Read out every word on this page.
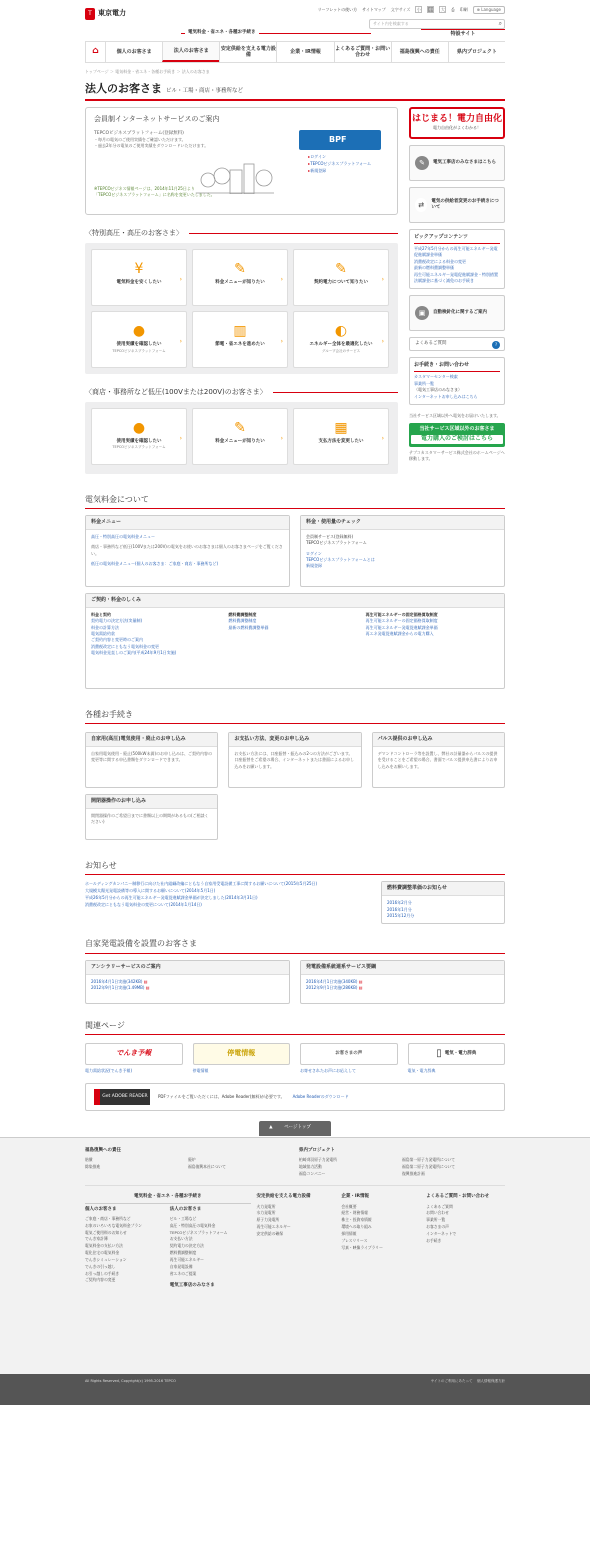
T 東京電力	リーフレットの使い方 サイトマップ 文字サイズ	小	中	大	⎙ 印刷	⊕ Language
サイト内を検索する	⌕
電気料金・省エネ・各種お手続き	特設サイト
⌂	個人のお客さま	法人のお客さま	安定供給を支える電力設備
企業・IR情報
よくあるご質問・お問い合わせ
福島復興への責任	県内プロジェクト
トップページ ＞ 電気料金・省エネ・各種お手続き ＞ 法人のお客さま
法人のお客さま ビル・工場・商店・事務所など
会員制インターネットサービスのご案内
TEPCOビジネスプラットフォーム(登録無料)
・毎月の電気のご使用実績をご確認いただけます。
・過去2年分の電気のご使用実績をダウンロードいただけます。
※TEPCOビジネス情報ページは、2014年11月25日より
「TEPCOビジネスプラットフォーム」に名称を変更いたしました。
BPF
▸ログイン
▸TEPCOビジネスプラットフォーム
▸新規登録
〈特別高圧・高圧のお客さま〉
¥
電気料金を安くしたい	›
✎
料金メニューが知りたい	›
✎
契約電力について知りたい	›
●
使用実績を確認したい
TEPCOビジネスプラットフォーム
›
▥
節電・省エネを進めたい	›
◐
エネルギー全体を最適化したい
グループ会社のサービス
›
〈商店・事務所など低圧(100Vまたは200V)のお客さま〉
●
使用実績を確認したい
TEPCOビジネスプラットフォーム
›
✎
料金メニューが知りたい	›
▦
支払方法を変更したい	›
はじまる！電力自由化
電力自由化がよくわかる！
✎	電気工事店のみなさまはこちら
⇄	電気の供給者変更のお手続きについて
ピックアップコンテンツ
平成27年5月分からの再生可能エネルギー発電促進賦課金単価
消費税改定による料金の変更
最新の燃料費調整単価
再生可能エネルギー発電促進賦課金・特別措置法賦課金に基づく減免のお手続き
▣	自動検針化に関するご案内
よくあるご質問	?
お手続き・お問い合わせ
カスタマーセンター検索
事業所一覧
〈電気工事店のみなさま〉
インターネットお申し込みはこちら
当社サービス区域以外へ電気をお届けいたします。
当社サービス区域以外のお客さま
電力購入のご検討はこちら
テプコカスタマーサービス株式会社のホームページへ移動します。
電気料金について
料金メニュー
高圧・特別高圧の電気料金メニュー
商店・事務所など低圧(100Vまたは200V)の電気をお使いのお客さまは個人のお客さまページをご覧ください。
低圧の電気料金メニュー(個人のお客さま：ご家庭・商店・事務所など)
料金・使用量のチェック
会員制サービス(登録無料)
TEPCOビジネスプラットフォーム
ログイン
TEPCOビジネスプラットフォームとは
新規登録
ご契約・料金のしくみ
料金と契約
契約電力の決定方法(実量制)
料金の計算方法
電気需給約款
ご契約内容と変更時のご案内
消費税改定にともなう電気料金の変更
電気料金見直しのご案内(平成24年9月1日実施)
燃料費調整制度
燃料費調整制度
最新の燃料費調整単価
再生可能エネルギーの固定価格買取制度
再生可能エネルギーの固定価格買取制度
再生可能エネルギー発電促進賦課金単価
再エネ発電促進賦課金からの電力購入
各種お手続き
自家用(高圧)電気使用・廃止のお申し込み
自家用電気使用・廃止(500kW未満)のお申し込みは、ご契約内容の変更等に関する申込書類をダウンロードできます。
お支払い方法、変更のお申し込み
お支払い方法には、口座振替・振込みの2つの方法がございます。口座振替をご希望の場合、インターネットまたは書面によるお申し込みをお願いします。
パルス提供のお申し込み
デマンドコントローラ等を設置し、弊社の計量器からパルスの提供を受けることをご希望の場合、書面でパルス提供申込書によりお申し込みをお願いします。
開閉器操作のお申し込み
開閉器操作のご希望日までに書類以上の期間があるもの(ご相談ください)
お知らせ
ホールディングカンパニー制移行に向けた社内組織改編にともなう自家用受電設備工事に関するお願いについて(2015年5月25日)
大規模太陽光発電設備等の導入に関するお願いについて(2014年5月1日)
平成26年5月分からの再生可能エネルギー発電促進賦課金単価が決定しました(2014年3月31日)
消費税改定にともなう電気料金の変更について(2014年1月14日)
燃料費調整単価のお知らせ
2016年2月分
2016年1月分
2015年12月分
自家発電設備を設置のお客さま
アンシラリーサービスのご案内
2016年4月1日実施(342KB) ▤
2012年9月1日実施(1.49MB) ▤
発電設備系統連系サービス要綱
2016年4月1日実施(340KB) ▤
2012年9月1日実施(286KB) ▤
関連ページ
でんき予報
電力需給状況(でんき予報)
停電情報
停電情報
お客さまの声
お寄せされたお声にお応えして
▯ 電気・電力辞典
電気・電力辞典
Get ADOBE READER	PDFファイルをご覧いただくには、Adobe Reader(無料)が必要です。 Adobe Readerのダウンロード
▲ ページトップ
福島復興への責任
賠償	廃炉
除染推進	福島復興本社について
県内プロジェクト
柏崎刈羽原子力発電所	福島第一原子力発電所について
地域協力活動	福島第二原子力発電所について
福島コンパニー	復興推進計画
電気料金・省エネ・各種お手続き
個人のお客さま
ご家庭・商店・事務所など
お家のいろいろな電気料金プラン
電気ご使用料のお知らせ
でんき家計簿
電気料金の支払い方法
電化住宅の電気料金
でんきシミュレーション
でんきの引っ越し
お引っ越しの手続き
ご契約内容の変更
法人のお客さま
ビル・工場など
高圧・特別高圧の電気料金
TEPCOビジネスプラットフォーム
お支払い方法
契約電力の決定方法
燃料費調整制度
再生可能エネルギー
自家発電設備
省エネのご提案
電気工事店のみなさま
安定供給を支える電力設備
火力発電所
水力発電所
原子力発電所
再生可能エネルギー
安定供給の確保
企業・IR情報
会社概要
経営・財務情報
株主・投資家情報
環境への取り組み
採用情報
プレスリリース
写真・映像ライブラリー
よくあるご質問・お問い合わせ
よくあるご質問
お問い合わせ
事業所一覧
お客さまの声
インターネットで
お手続き
All Rights Reserved, Copyright(c) 1995-2016 TEPCO	サイトのご利用にあたって 個人情報保護方針
